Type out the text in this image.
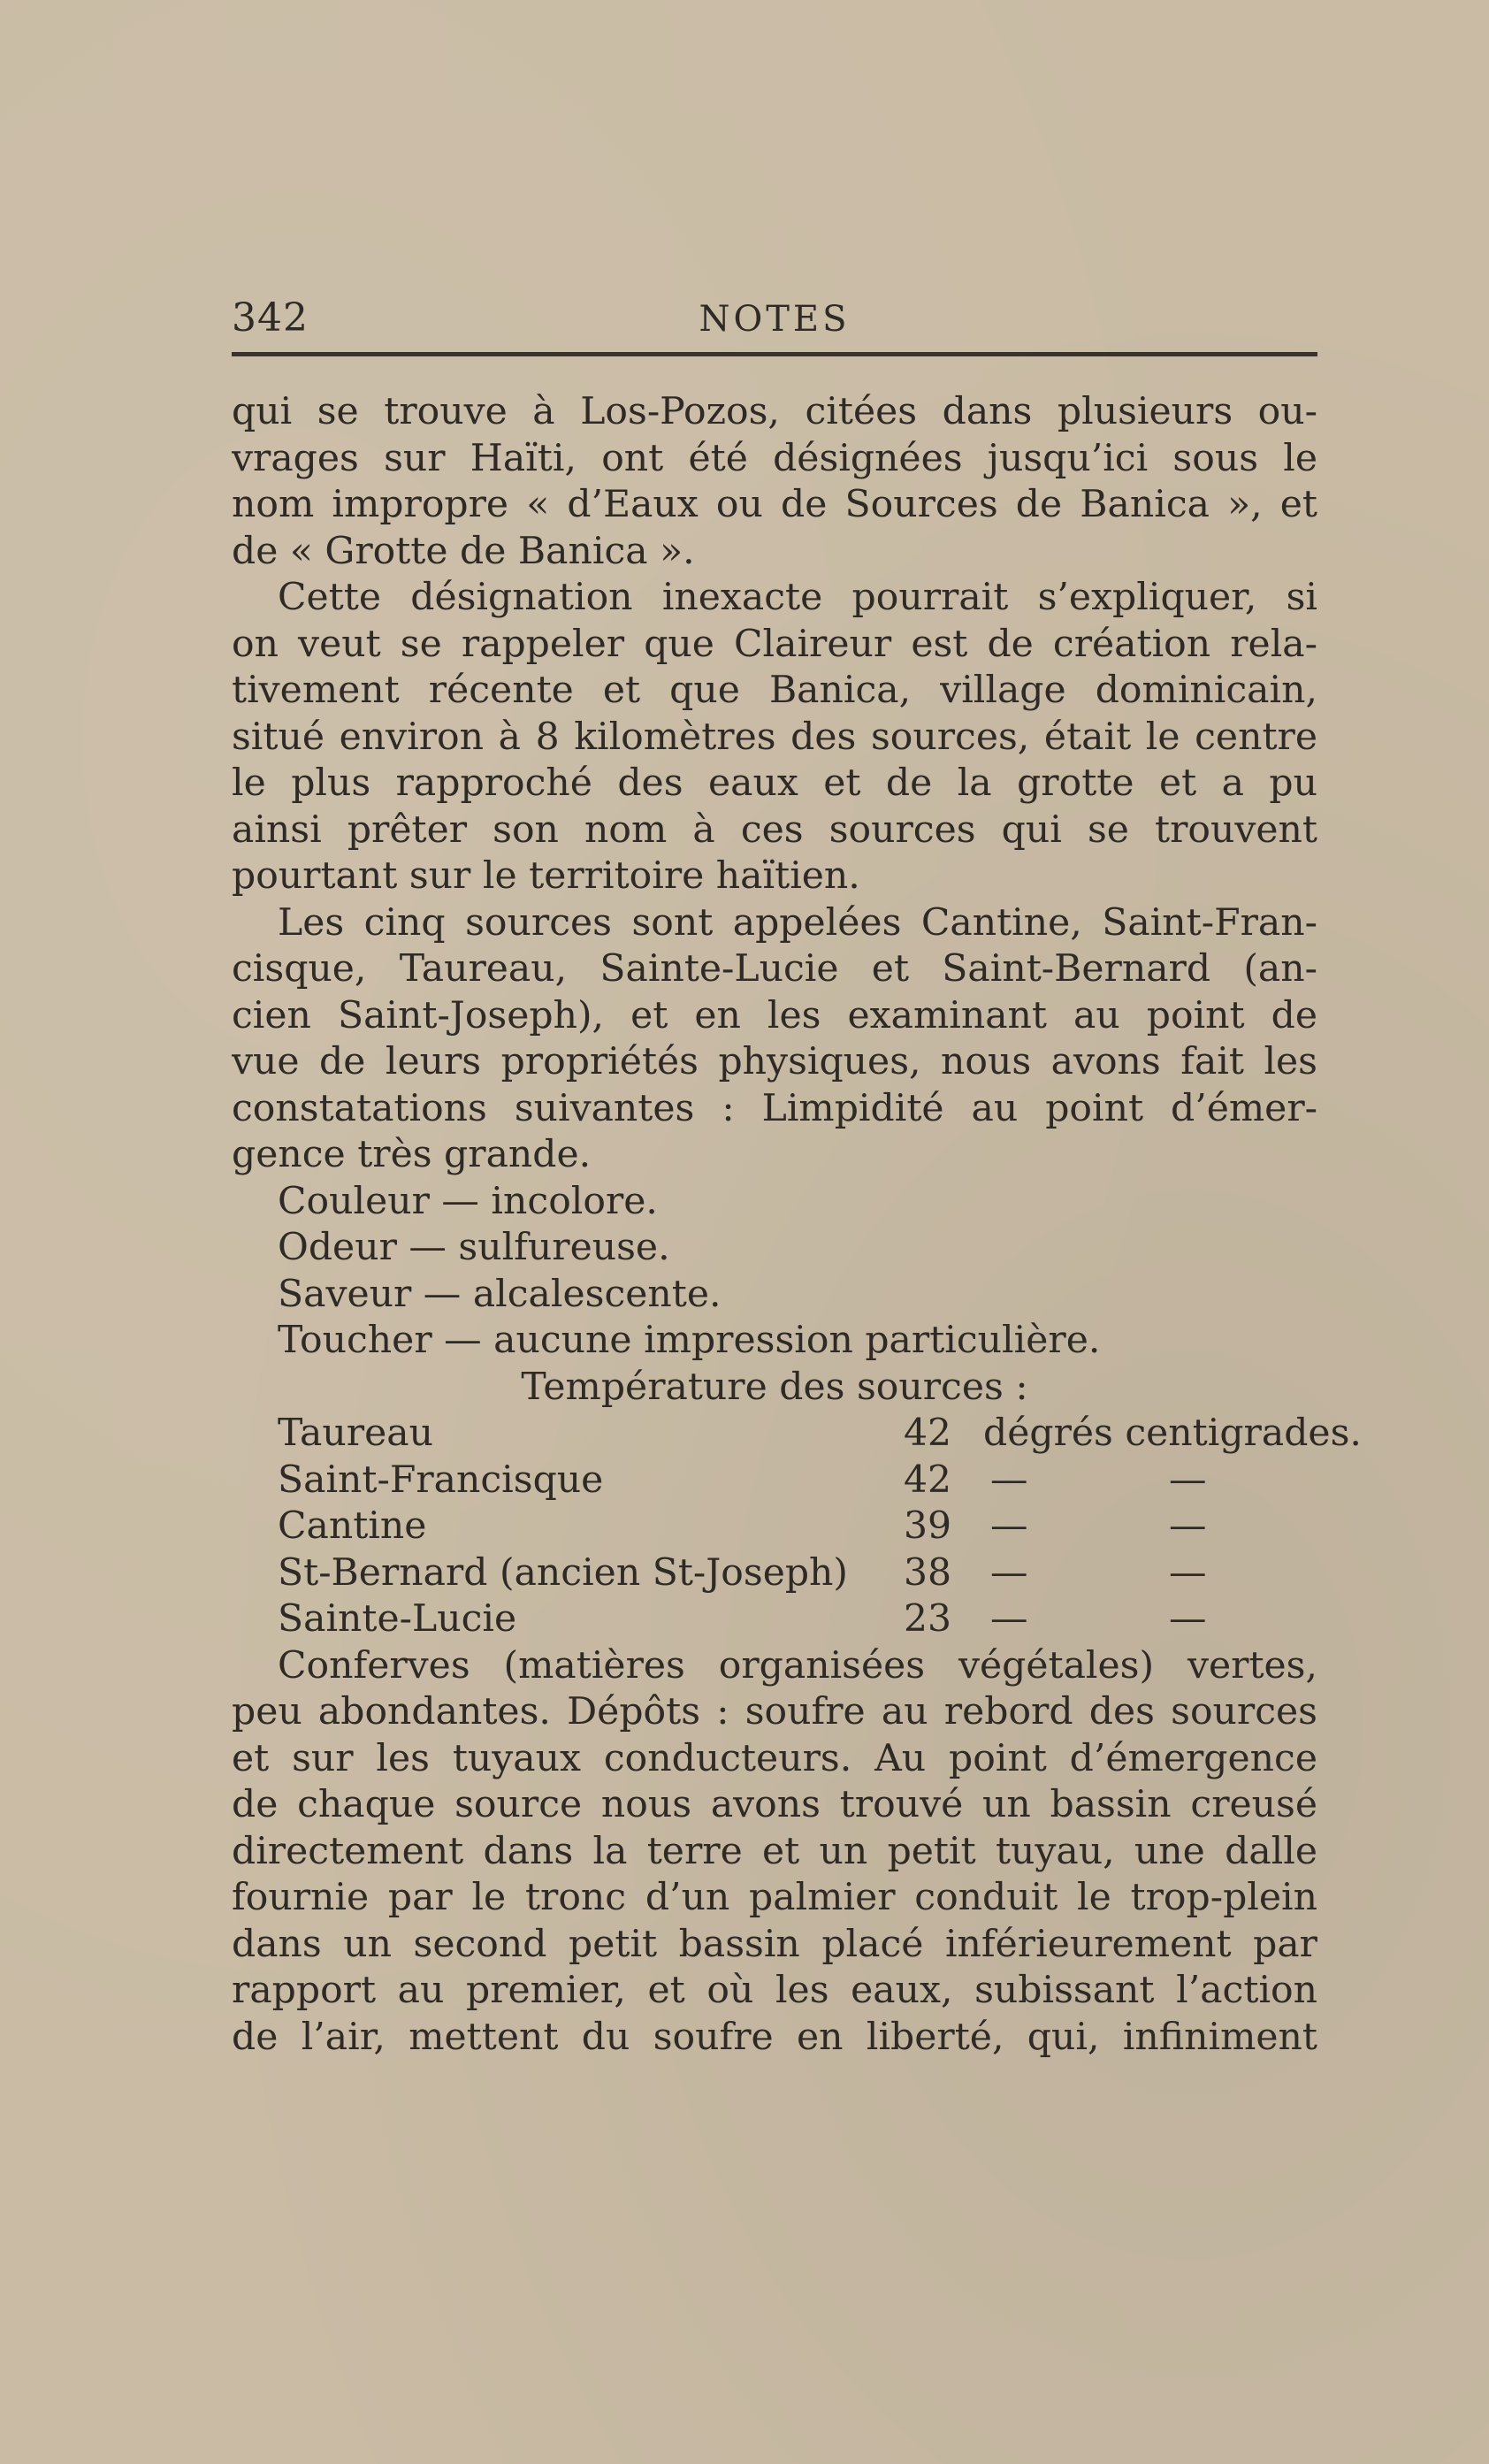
342	NOTES
qui se trouve à Los-Pozos, citées dans plusieurs ou-
vrages sur Haïti, ont été désignées jusqu’ici sous le
nom impropre « d’Eaux ou de Sources de Banica », et
de « Grotte de Banica ».
Cette désignation inexacte pourrait s’expliquer, si
on veut se rappeler que Claireur est de création rela-
tivement récente et que Banica, village dominicain,
situé environ à 8 kilomètres des sources, était le centre
le plus rapproché des eaux et de la grotte et a pu
ainsi prêter son nom à ces sources qui se trouvent
pourtant sur le territoire haïtien.
Les cinq sources sont appelées Cantine, Saint-Fran-
cisque, Taureau, Sainte-Lucie et Saint-Bernard (an-
cien Saint-Joseph), et en les examinant au point de
vue de leurs propriétés physiques, nous avons fait les
constatations suivantes : Limpidité au point d’émer-
gence très grande.
Couleur — incolore.
Odeur — sulfureuse.
Saveur — alcalescente.
Toucher — aucune impression particulière.
Température des sources :
Taureau	42 dégrés centigrades.
Saint-Francisque	42 —	—
Cantine	39 —	—
St-Bernard (ancien St-Joseph) 38 —	—
Sainte-Lucie	23 —	—
Conferves (matières organisées végétales) vertes,
peu abondantes. Dépôts : soufre au rebord des sources
et sur les tuyaux conducteurs. Au point d’émergence
de chaque source nous avons trouvé un bassin creusé
directement dans la terre et un petit tuyau, une dalle
fournie par le tronc d’un palmier conduit le trop-plein
dans un second petit bassin placé inférieurement par
rapport au premier, et où les eaux, subissant l’action
de l’air, mettent du soufre en liberté, qui, infiniment
